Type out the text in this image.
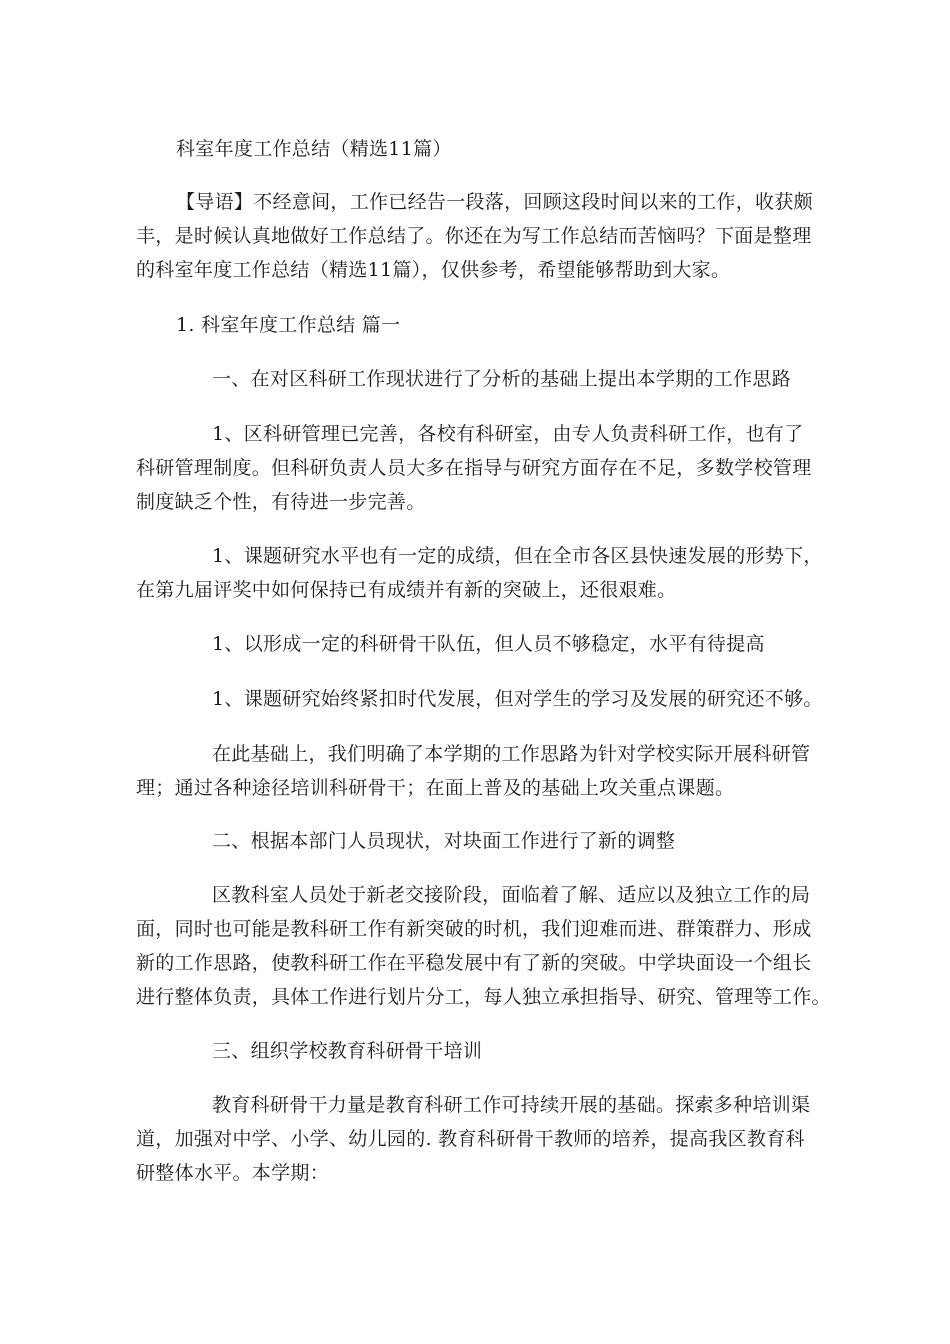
科室年度工作总结（精选11篇）

【导语】不经意间，工作已经告一段落，回顾这段时间以来的工作，收获颇
丰，是时候认真地做好工作总结了。你还在为写工作总结而苦恼吗？下面是整理
的科室年度工作总结（精选11篇），仅供参考，希望能够帮助到大家。

1. 科室年度工作总结 篇一

一、在对区科研工作现状进行了分析的基础上提出本学期的工作思路

1、区科研管理已完善，各校有科研室，由专人负责科研工作，也有了
科研管理制度。但科研负责人员大多在指导与研究方面存在不足，多数学校管理
制度缺乏个性，有待进一步完善。

1、课题研究水平也有一定的成绩，但在全市各区县快速发展的形势下，
在第九届评奖中如何保持已有成绩并有新的突破上，还很艰难。

1、以形成一定的科研骨干队伍，但人员不够稳定，水平有待提高

1、课题研究始终紧扣时代发展，但对学生的学习及发展的研究还不够。

在此基础上，我们明确了本学期的工作思路为针对学校实际开展科研管
理；通过各种途径培训科研骨干；在面上普及的基础上攻关重点课题。

二、根据本部门人员现状，对块面工作进行了新的调整

区教科室人员处于新老交接阶段，面临着了解、适应以及独立工作的局
面，同时也可能是教科研工作有新突破的时机，我们迎难而进、群策群力、形成
新的工作思路，使教科研工作在平稳发展中有了新的突破。中学块面设一个组长
进行整体负责，具体工作进行划片分工，每人独立承担指导、研究、管理等工作。

三、组织学校教育科研骨干培训

教育科研骨干力量是教育科研工作可持续开展的基础。探索多种培训渠
道，加强对中学、小学、幼儿园的. 教育科研骨干教师的培养，提高我区教育科
研整体水平。本学期：
